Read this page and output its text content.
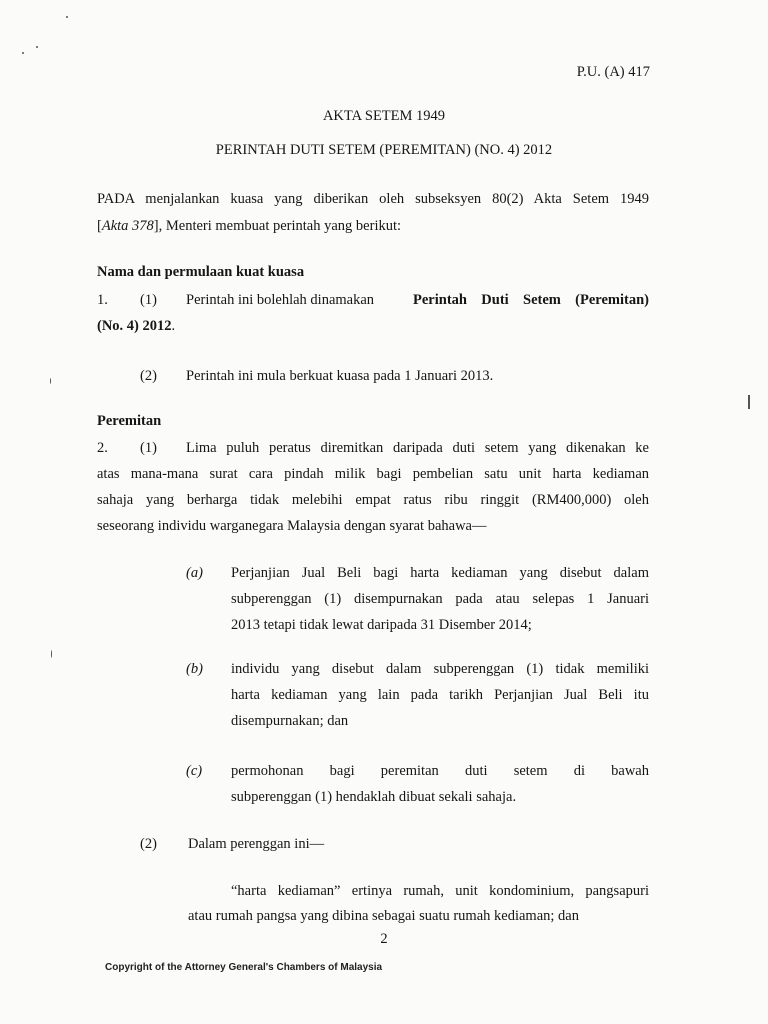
P.U. (A) 417
AKTA SETEM 1949
PERINTAH DUTI SETEM (PEREMITAN) (NO. 4) 2012
PADA menjalankan kuasa yang diberikan oleh subseksyen 80(2) Akta Setem 1949
[Akta 378], Menteri membuat perintah yang berikut:
Nama dan permulaan kuat kuasa
1. (1) Perintah ini bolehlah dinamakan	Perintah Duti Setem (Peremitan)
(No. 4) 2012.
(2) Perintah ini mula berkuat kuasa pada 1 Januari 2013.
Peremitan
2. (1) Lima puluh peratus diremitkan daripada duti setem yang dikenakan ke
atas mana-mana surat cara pindah milik bagi pembelian satu unit harta kediaman
sahaja yang berharga tidak melebihi empat ratus ribu ringgit (RM400,000) oleh
seseorang individu warganegara Malaysia dengan syarat bahawa—
(a) Perjanjian Jual Beli bagi harta kediaman yang disebut dalam
subperenggan (1) disempurnakan pada atau selepas 1 Januari
2013 tetapi tidak lewat daripada 31 Disember 2014;
(b) individu yang disebut dalam subperenggan (1) tidak memiliki
harta kediaman yang lain pada tarikh Perjanjian Jual Beli itu
disempurnakan; dan
(c) permohonan bagi peremitan duti setem di bawah
subperenggan (1) hendaklah dibuat sekali sahaja.
(2) Dalam perenggan ini—
“harta kediaman” ertinya rumah, unit kondominium, pangsapuri
atau rumah pangsa yang dibina sebagai suatu rumah kediaman; dan
2
Copyright of the Attorney General's Chambers of Malaysia
